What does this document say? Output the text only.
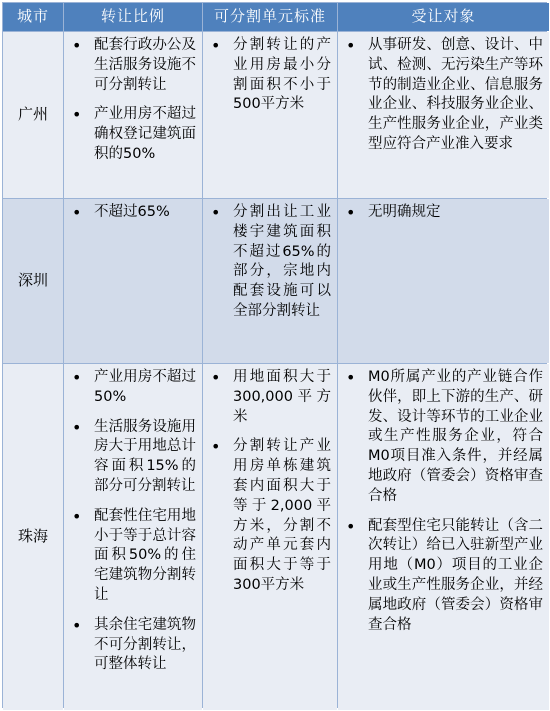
城市	转让比例	可分割单元标准	受让对象
广州
• 配套行政办公及生活服务设施不可分割转让
• 产业用房不超过确权登记建筑面积的50%
• 分割转让的产业用房最小分割面积不小于500平方米
• 从事研发、创意、设计、中试、检测、无污染生产等环节的制造业企业、信息服务业企业、科技服务业企业、生产性服务业企业，产业类型应符合产业准入要求
深圳
• 不超过65%
•	分割出让工业楼宇建筑面积不超过65%的部分，宗地内配套设施可以全部分割转让
• 无明确规定
珠海
• 产业用房不超过50%
• 生活服务设施用房大于用地总计容面积15%的部分可分割转让
• 配套性住宅用地小于等于总计容面积50%的住宅建筑物分割转让
• 其余住宅建筑物不可分割转让，可整体转让
• 用地面积大于300,000平方米
• 分割转让产业用房单栋建筑套内面积大于等于2,000平方米，分割不动产单元套内面积大于等于300平方米
• M0所属产业的产业链合作伙伴，即上下游的生产、研发、设计等环节的工业企业或生产性服务企业，符合M0项目准入条件，并经属地政府（管委会）资格审查合格
• 配套型住宅只能转让（含二次转让）给已入驻新型产业用地（M0）项目的工业企业或生产性服务企业，并经属地政府（管委会）资格审查合格
